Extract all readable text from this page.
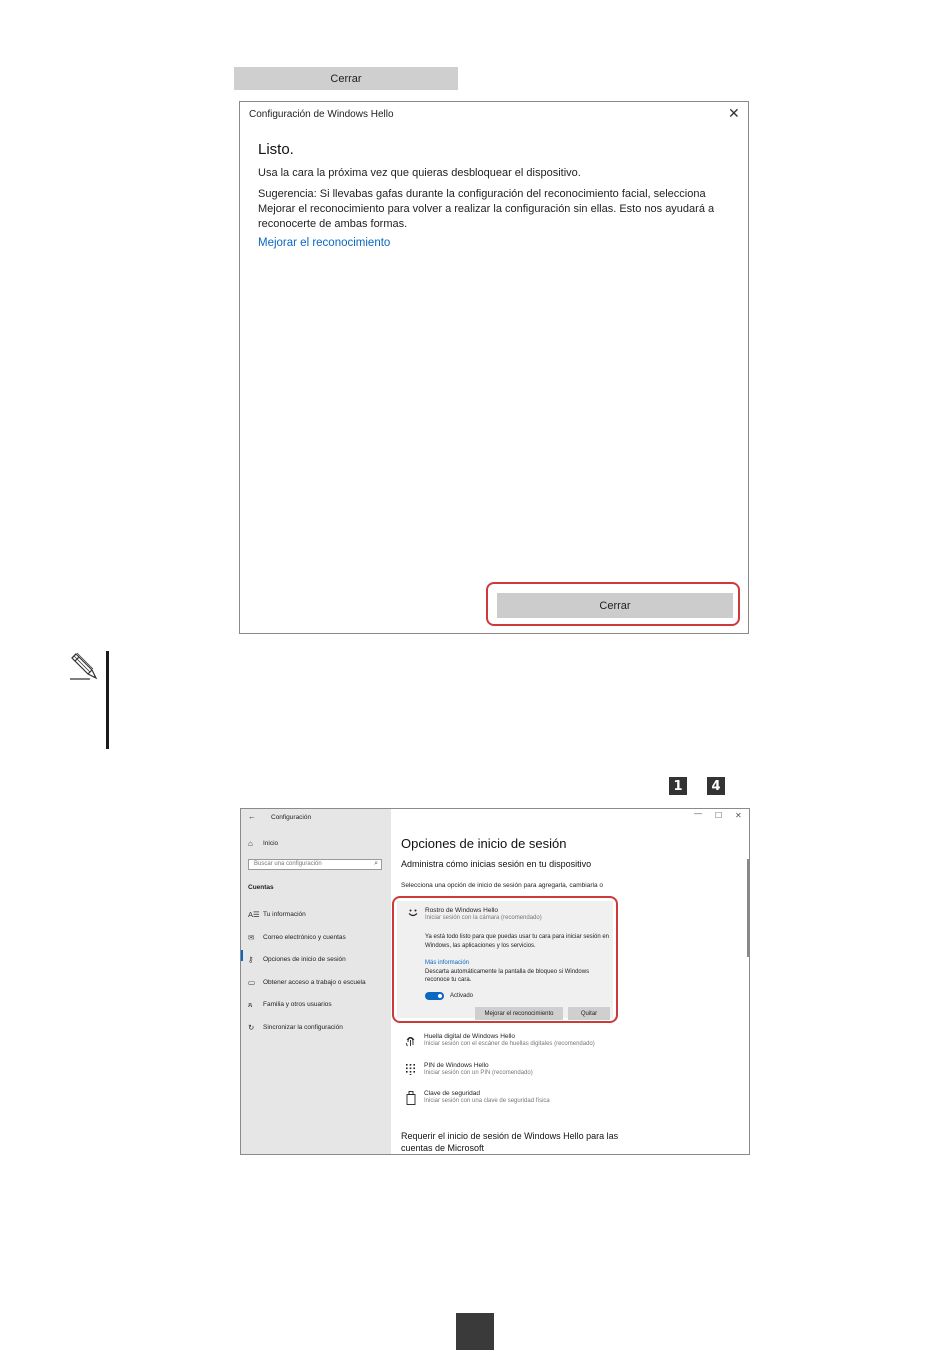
Cerrar
Configuración de Windows Hello	✕
Listo.
Usa la cara la próxima vez que quieras desbloquear el dispositivo.
Sugerencia: Si llevabas gafas durante la configuración del reconocimiento facial, selecciona Mejorar el reconocimiento para volver a realizar la configuración sin ellas. Esto nos ayudará a reconocerte de ambas formas.
Mejorar el reconocimiento
Cerrar
1	4
← Configuración
⌂ Inicio
Buscar una configuración	⌕
Cuentas
A☰ Tu información
✉	Correo electrónico y cuentas
⚷	Opciones de inicio de sesión
▭	Obtener acceso a trabajo o escuela
ጸ	Familia y otros usuarios
↻	Sincronizar la configuración
— ☐ ✕
Opciones de inicio de sesión
Administra cómo inicias sesión en tu dispositivo
Selecciona una opción de inicio de sesión para agregarla, cambiarla o
Rostro de Windows Hello
Iniciar sesión con la cámara (recomendado)
Ya está todo listo para que puedas usar tu cara para iniciar sesión en Windows, las aplicaciones y los servicios.
Más información
Descarta automáticamente la pantalla de bloqueo si Windows reconoce tu cara.
Activado
Mejorar el reconocimiento	Quitar
Huella digital de Windows Hello
Iniciar sesión con el escáner de huellas digitales (recomendado)
PIN de Windows Hello
Iniciar sesión con un PIN (recomendado)
Clave de seguridad
Iniciar sesión con una clave de seguridad física
Requerir el inicio de sesión de Windows Hello para las cuentas de Microsoft
